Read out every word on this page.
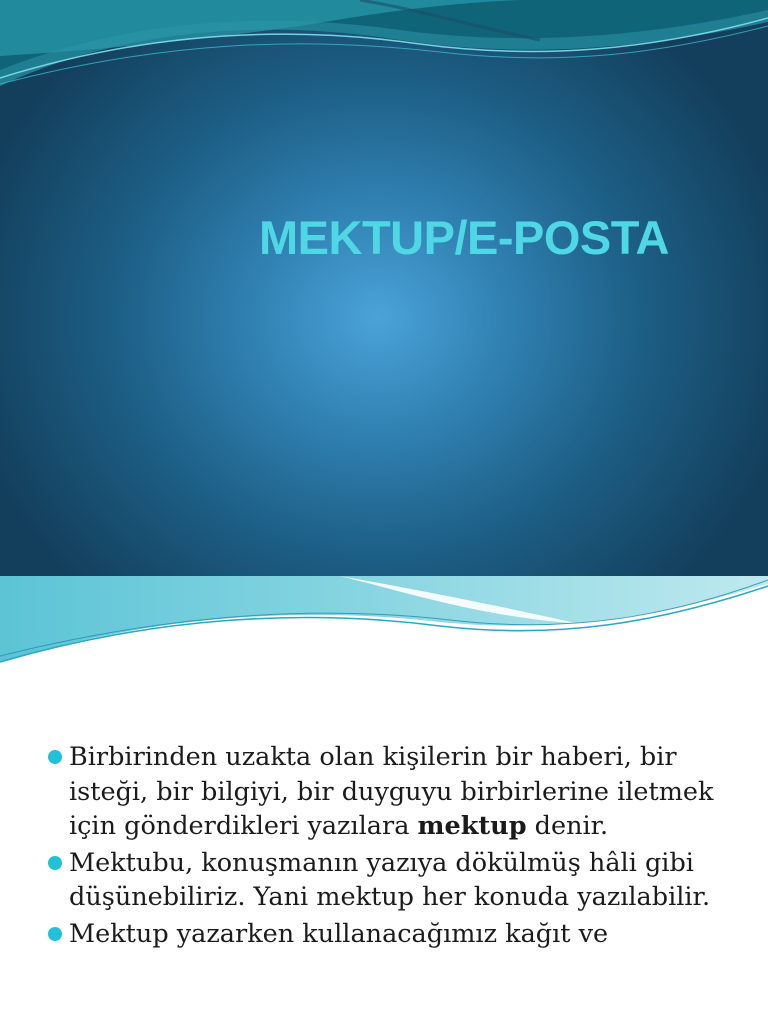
MEKTUP/E-POSTA

Birbirinden uzakta olan kişilerin bir haberi, bir isteği, bir bilgiyi, bir duyguyu birbirlerine iletmek için gönderdikleri yazılara mektup denir.

Mektubu, konuşmanın yazıya dökülmüş hâli gibi düşünebiliriz. Yani mektup her konuda yazılabilir.

Mektup yazarken kullanacağımız kağıt ve
